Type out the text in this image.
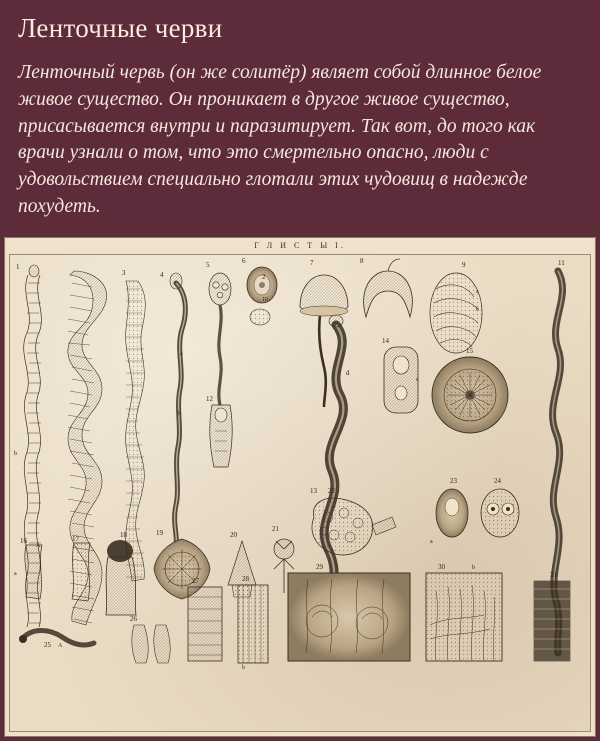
Ленточные черви

Ленточный червь (он же солитёр) являет собой длинное белое живое существо. Он проникает в другое живое существо, присасывается внутри и паразитирует. Так вот, до того как врачи узнали о том, что это смертельно опасно, люди с удовольствием специально глотали этих чудовищ в надежде похудеть.

Г Л И С Т Ы I.
1
a
b
3	4
a
b
5	6
10
7	8	9
a
b
11
12
13
14
15
16
A
17	18	19	20
21
22
23
a
24
25 A
26
27	28
b
29	30	b
31
2
d
c
